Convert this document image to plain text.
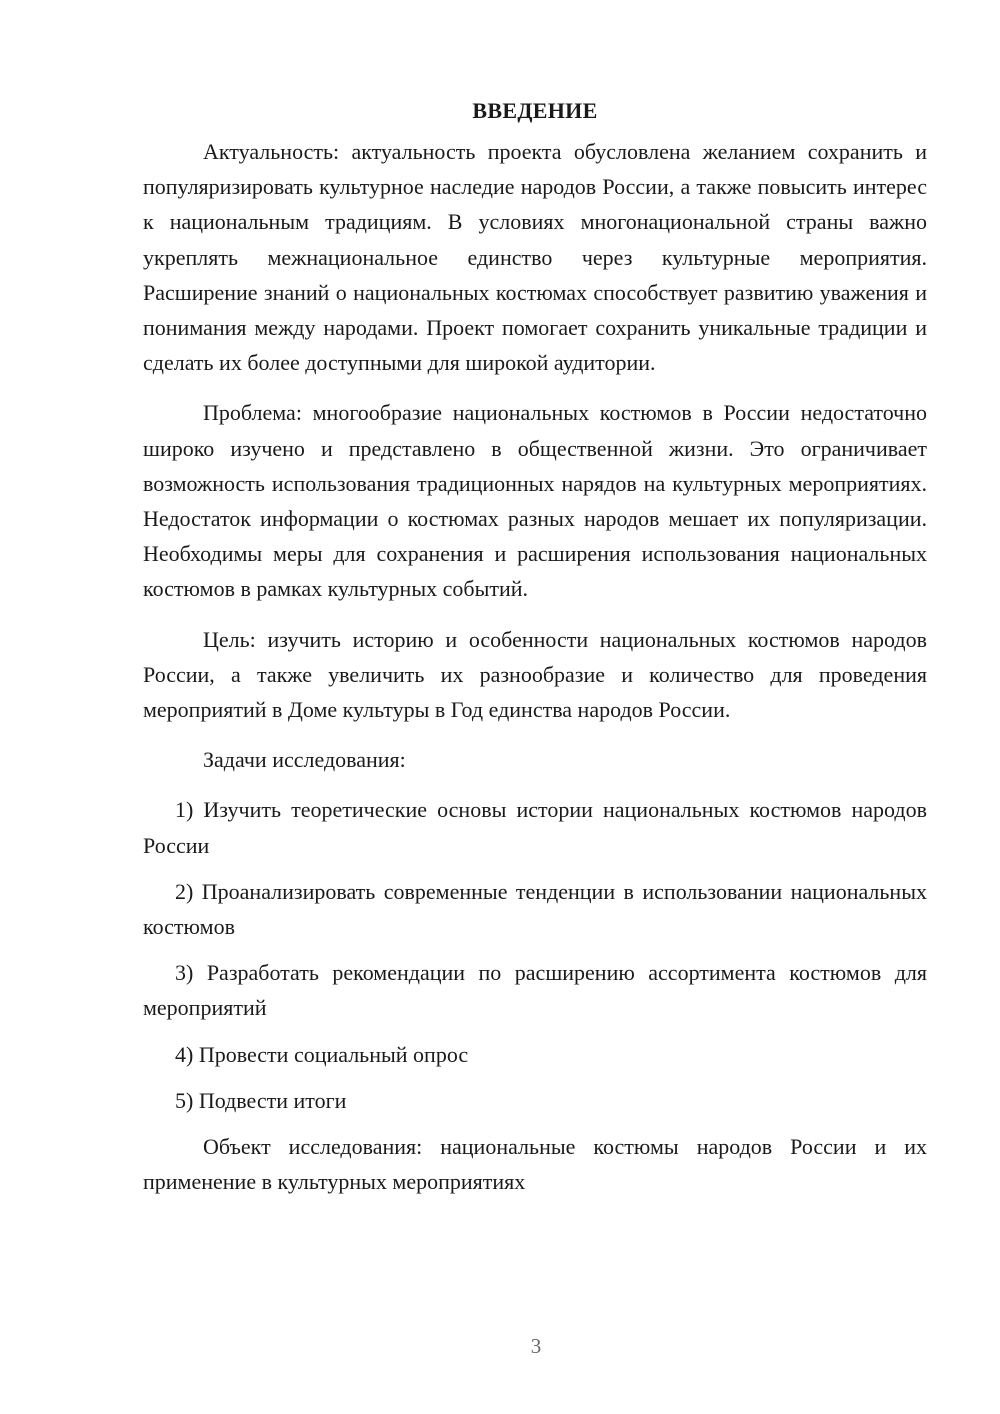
ВВЕДЕНИЕ

Актуальность: актуальность проекта обусловлена желанием сохранить и популяризировать культурное наследие народов России, а также повысить интерес к национальным традициям. В условиях многонациональной страны важно укреплять межнациональное единство через культурные мероприятия. Расширение знаний о национальных костюмах способствует развитию уважения и понимания между народами. Проект помогает сохранить уникальные традиции и сделать их более доступными для широкой аудитории.

Проблема: многообразие национальных костюмов в России недостаточно широко изучено и представлено в общественной жизни. Это ограничивает возможность использования традиционных нарядов на культурных мероприятиях. Недостаток информации о костюмах разных народов мешает их популяризации. Необходимы меры для сохранения и расширения использования национальных костюмов в рамках культурных событий.

Цель: изучить историю и особенности национальных костюмов народов России, а также увеличить их разнообразие и количество для проведения мероприятий в Доме культуры в Год единства народов России.

Задачи исследования:

1) Изучить теоретические основы истории национальных костюмов народов России

2) Проанализировать современные тенденции в использовании национальных костюмов

3) Разработать рекомендации по расширению ассортимента костюмов для мероприятий

4) Провести социальный опрос

5) Подвести итоги

Объект исследования: национальные костюмы народов России и их применение в культурных мероприятиях

3
